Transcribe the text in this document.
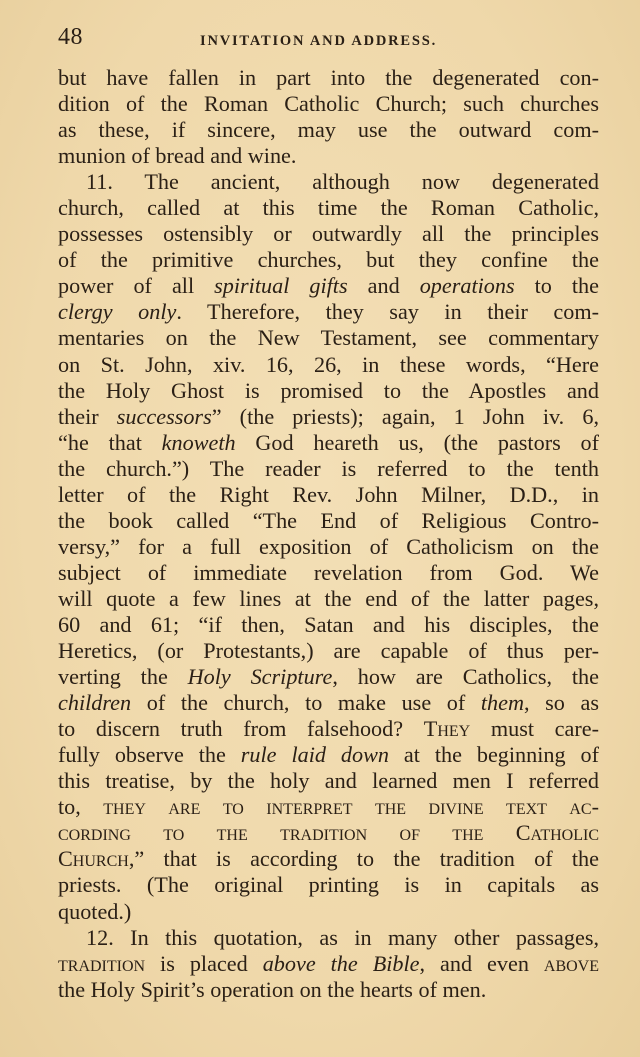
48	INVITATION AND ADDRESS.
but have fallen in part into the degenerated con-
dition of the Roman Catholic Church; such churches
as these, if sincere, may use the outward com-
munion of bread and wine.
11. The ancient, although now degenerated
church, called at this time the Roman Catholic,
possesses ostensibly or outwardly all the principles
of the primitive churches, but they confine the
power of all spiritual gifts and operations to the
clergy only. Therefore, they say in their com-
mentaries on the New Testament, see commentary
on St. John, xiv. 16, 26, in these words, “Here
the Holy Ghost is promised to the Apostles and
their successors” (the priests); again, 1 John iv. 6,
“he that knoweth God heareth us, (the pastors of
the church.”) The reader is referred to the tenth
letter of the Right Rev. John Milner, D.D., in
the book called “The End of Religious Contro-
versy,” for a full exposition of Catholicism on the
subject of immediate revelation from God. We
will quote a few lines at the end of the latter pages,
60 and 61; “if then, Satan and his disciples, the
Heretics, (or Protestants,) are capable of thus per-
verting the Holy Scripture, how are Catholics, the
children of the church, to make use of them, so as
to discern truth from falsehood? They must care-
fully observe the rule laid down at the beginning of
this treatise, by the holy and learned men I referred
to, they are to interpret the divine text ac-
cording to the tradition of the Catholic
Church,” that is according to the tradition of the
priests. (The original printing is in capitals as
quoted.)
12. In this quotation, as in many other passages,
tradition is placed above the Bible, and even above
the Holy Spirit’s operation on the hearts of men.
